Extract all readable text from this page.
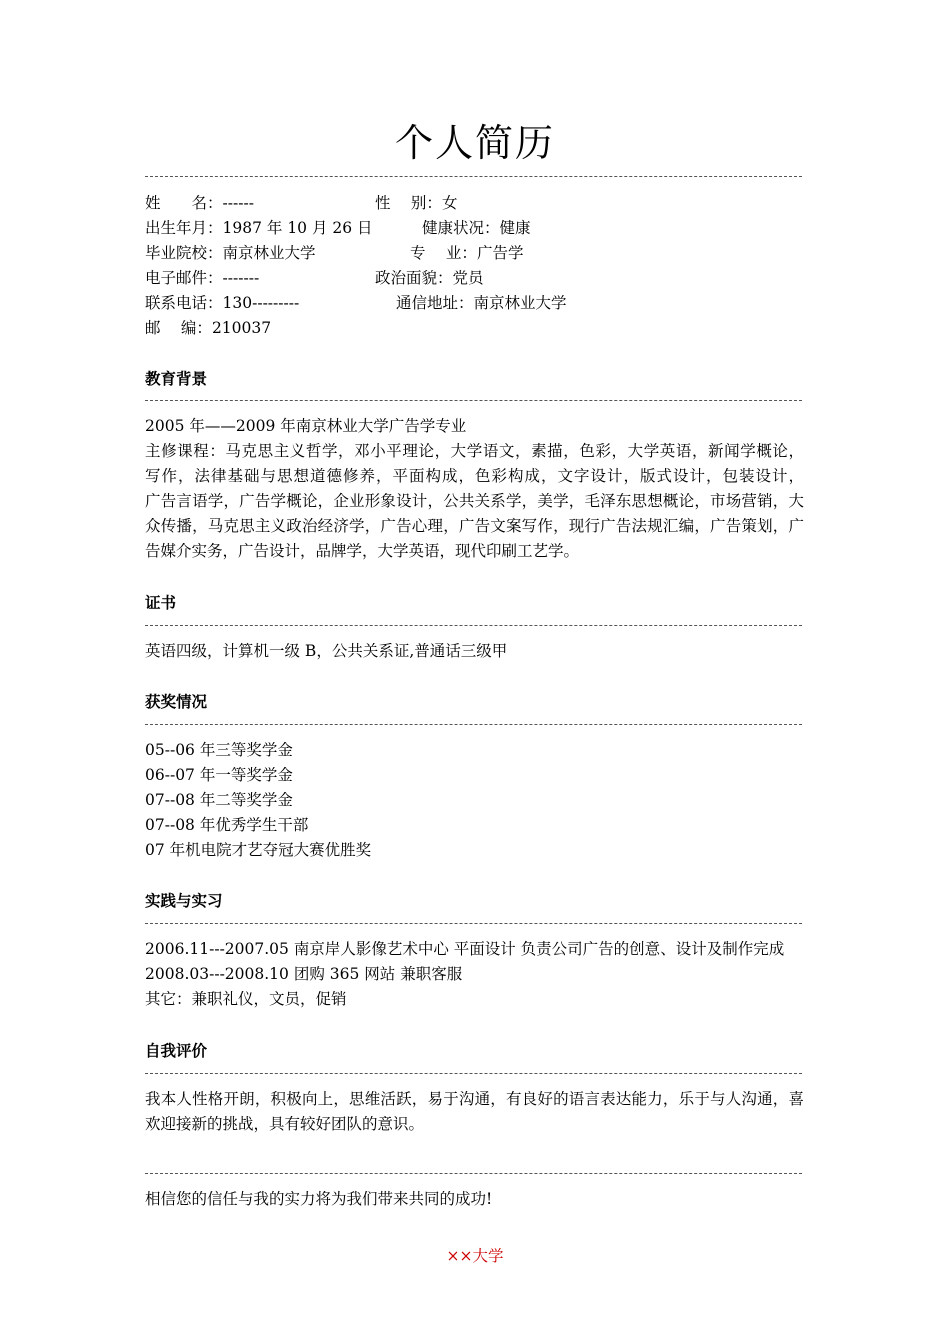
个人简历
姓　　名：------	性　 别：女
出生年月：1987 年 10 月 26 日	健康状况：健康
毕业院校：南京林业大学	专　 业：广告学
电子邮件：-------	政治面貌：党员
联系电话：130---------	通信地址：南京林业大学
邮　 编：210037
教育背景
2005 年——2009 年南京林业大学广告学专业
主修课程：马克思主义哲学，邓小平理论，大学语文，素描，色彩，大学英语，新闻学概论，
写作，法律基础与思想道德修养，平面构成，色彩构成，文字设计，版式设计，包装设计，
广告言语学，广告学概论，企业形象设计，公共关系学，美学，毛泽东思想概论，市场营销，大
众传播，马克思主义政治经济学，广告心理，广告文案写作，现行广告法规汇编，广告策划，广
告媒介实务，广告设计，品牌学，大学英语，现代印刷工艺学。
证书
英语四级，计算机一级 B，公共关系证,普通话三级甲
获奖情况
05--06 年三等奖学金
06--07 年一等奖学金
07--08 年二等奖学金
07--08 年优秀学生干部
07 年机电院才艺夺冠大赛优胜奖
实践与实习
2006.11---2007.05 南京岸人影像艺术中心 平面设计 负责公司广告的创意、设计及制作完成
2008.03---2008.10 团购 365 网站 兼职客服
其它：兼职礼仪，文员，促销
自我评价
我本人性格开朗，积极向上，思维活跃，易于沟通，有良好的语言表达能力，乐于与人沟通，喜
欢迎接新的挑战，具有较好团队的意识。
相信您的信任与我的实力将为我们带来共同的成功!
××大学
